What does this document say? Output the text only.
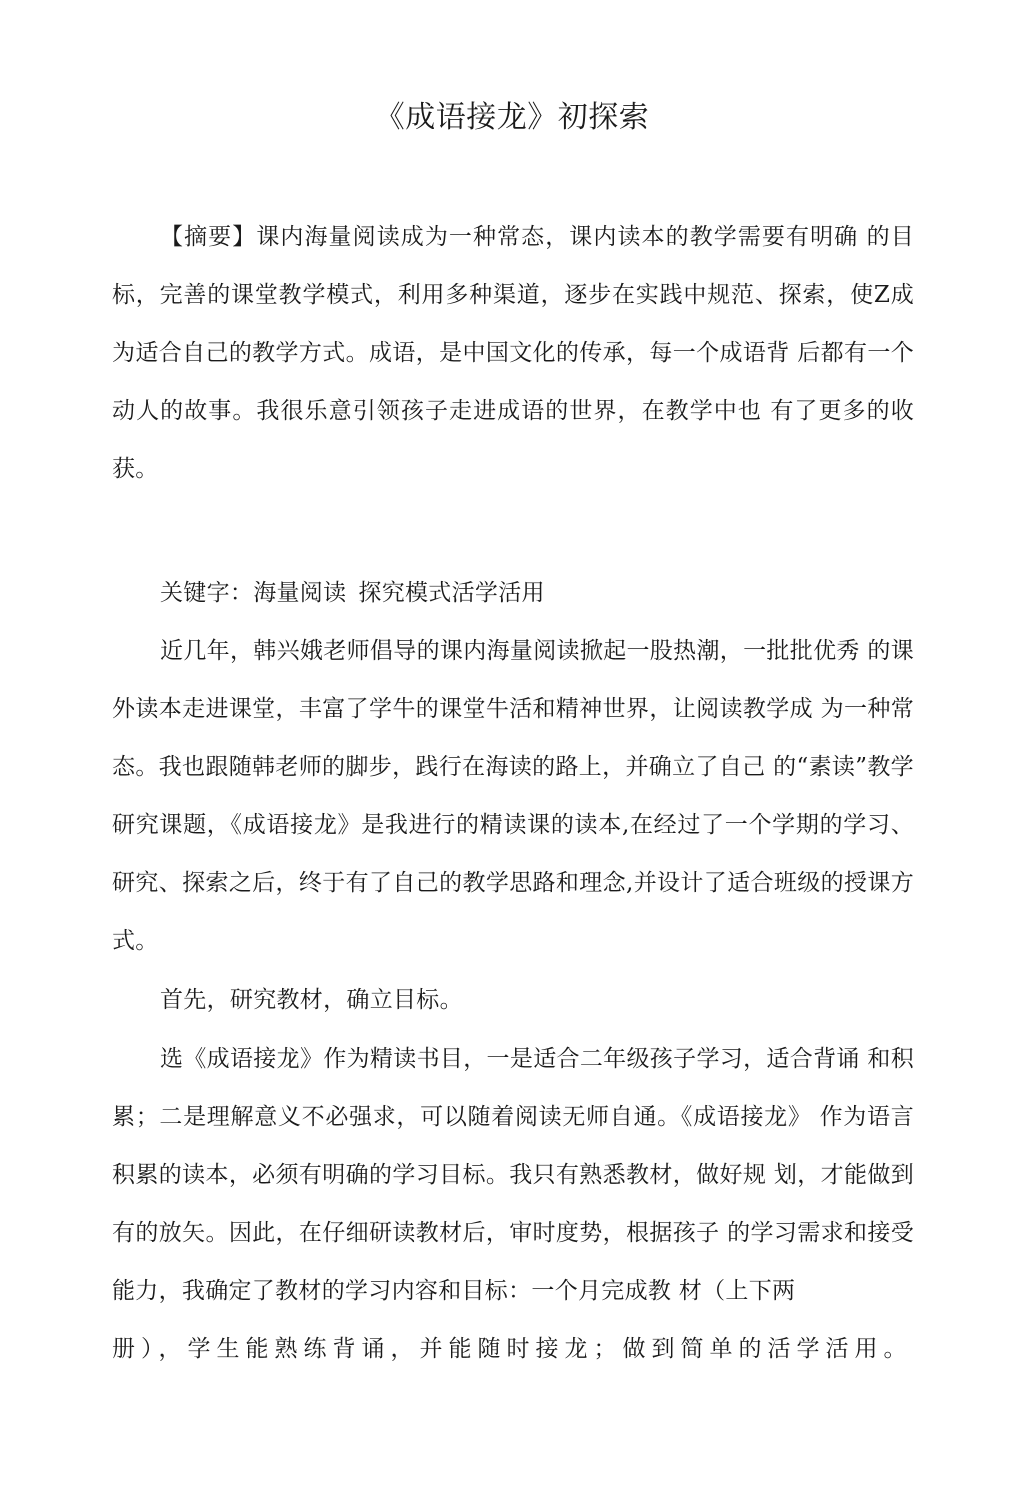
《成语接龙》初探索

【摘要】课内海量阅读成为一种常态，课内读本的教学需要有明确 的目标，完善的课堂教学模式，利用多种渠道，逐步在实践中规范、探索，使Z成为适合自己的教学方式。成语，是中国文化的传承，每一个成语背 后都有一个动人的故事。我很乐意引领孩子走进成语的世界，在教学中也 有了更多的收获。

关键字：海量阅读 探究模式活学活用

近几年，韩兴娥老师倡导的课内海量阅读掀起一股热潮，一批批优秀 的课外读本走进课堂，丰富了学牛的课堂牛活和精神世界，让阅读教学成 为一种常态。我也跟随韩老师的脚步，践行在海读的路上，并确立了自己 的“素读”教学研究课题，《成语接龙》是我进行的精读课的读本,在经过了一个学期的学习、研究、探索之后，终于有了自己的教学思路和理念,并设计了适合班级的授课方式。

首先，研究教材，确立目标。

选《成语接龙》作为精读书目，一是适合二年级孩子学习，适合背诵 和积累；二是理解意义不必强求，可以随着阅读无师自通。《成语接龙》 作为语言积累的读本，必须有明确的学习目标。我只有熟悉教材，做好规 划，才能做到有的放矢。因此，在仔细研读教材后，审时度势，根据孩子 的学习需求和接受能力，我确定了教材的学习内容和目标：一个月完成教 材（上下两
册），学生能熟练背诵，并能随时接龙；做到简单的活学活用。
